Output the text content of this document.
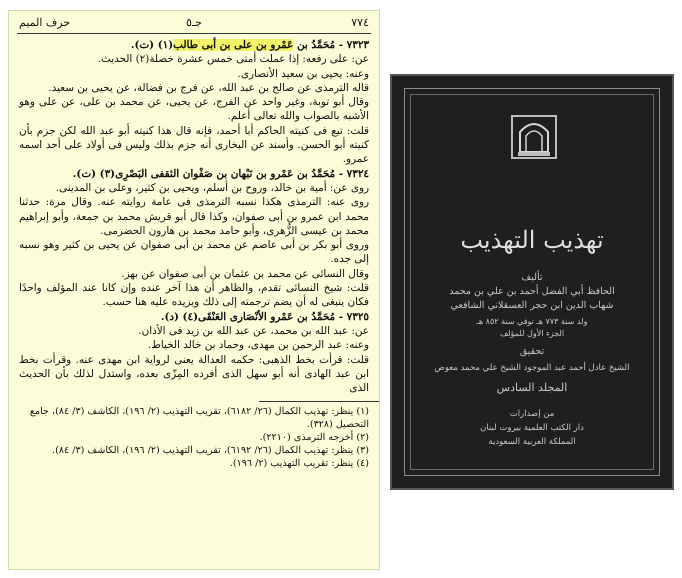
٧٧٤
جـ٥
حرف الميم

٧٣٢٣ - مُحَمَّدُ بن عَمْرو بن على بن أبى طالب(١) (ت).

عن: على رفعه: إذا عملت أمتى خمس عشرة خصلة(٢) الحديث.

وعنه: يحيى بن سعيد الأنصارى.

قاله الترمذى عن صالح بن عبد الله، عن فرج بن فضالة، عن يحيى بن سعيد.

وقال أبو توبة، وغير واحد عن الفرج، عن يحيى، عن محمد بن على، عن على وهو الأشبه بالصواب والله تعالى أعلم.

قلت: تبع فى كنيته الحاكم أبا أحمد، فإنه قال هذا كنيته أبو عبد الله لكن جزم بأن كنيته أبو الحسن. وأسند عن البخارى أنه جزم بذلك وليس فى أولاد على أحد اسمه عمرو.

٧٣٢٤ - مُحَمَّدُ بن عَمْرو بن نَبْهان بن صَفْوان الثقفى البَصْرِى(٣) (ت).

روى عن: أمية بن خالد، وروح بن أسلم، ويحيى بن كثير، وعلى بن المدينى.

روى عنه: الترمذى هكذا نسبه الترمذى فى عامة روايته عنه. وقال مرة: حدثنا محمد ابن عمرو بن أبى صفوان، وكذا قال أبو قريش محمد بن جمعة، وأبو إبراهيم محمد بن عيسى الزُّهرى، وأبو حامد محمد بن هارون الحضرمى.

وروى أبو بكر بن أبى عاصم عن محمد بن أبى صفوان عن يحيى بن كثير وهو نسبه إلى جده.

وقال النسائى عن محمد بن عثمان بن أبى صفوان عن بهز.

قلت: شيخ النسائى تقدم، والظاهر أن هذا آخر عنده وإن كانا عند المؤلف واحدًا فكان ينبغى له أن يضم ترجمته إلى ذلك ويزيده عليه هنا حسب.

٧٣٢٥ - مُحَمَّدُ بن عَمْرو الأنْصَارى العَنْقَى(٤) (د).

عن: عبد الله بن محمد، عن عبد الله بن زيد فى الأذان.

وعنه: عبد الرحمن بن مهدى، وحماد بن خالد الخياط.

قلت: قرأت بخط الذهبى: حكمه العدالة يعنى لرواية ابن مهدى عنه. وقرأت بخط ابن عبد الهادى أنه أبو سهل الذى أفرده المِزّى بعده، واستدل لذلك بأن الحديث الذى

(١) ينظر: تهذيب الكمال (٢٦/ ٦١٨٢)، تقريب التهذيب (٢/ ١٩٦)، الكاشف (٣/ ٨٤)، جامع التحصيل (٣٢٨).

(٢) أخرجه الترمذى (٢٢١٠).

(٣) ينظر: تهذيب الكمال (٢٦/ ٦١٩٢)، تقريب التهذيب (٢/ ١٩٦)، الكاشف (٣/ ٨٤).

(٤) ينظر: تقريب التهذيب (٢/ ١٩٦).

تهذيب التهذيب
تأليف
الحافظ أبي الفضل أحمد بن علي بن محمد
شهاب الدين ابن حجر العسقلاني الشافعي
ولد سنة ٧٧٣ هـ توفي سنة ٨٥٢ هـ
الجزء الأول للمؤلف
تحقيق
الشيخ عادل أحمد عبد الموجود الشيخ علي محمد معوض
المجلد السادس
من إصدارات
دار الكتب العلمية بيروت لبنان
المملكة العربية السعودية
